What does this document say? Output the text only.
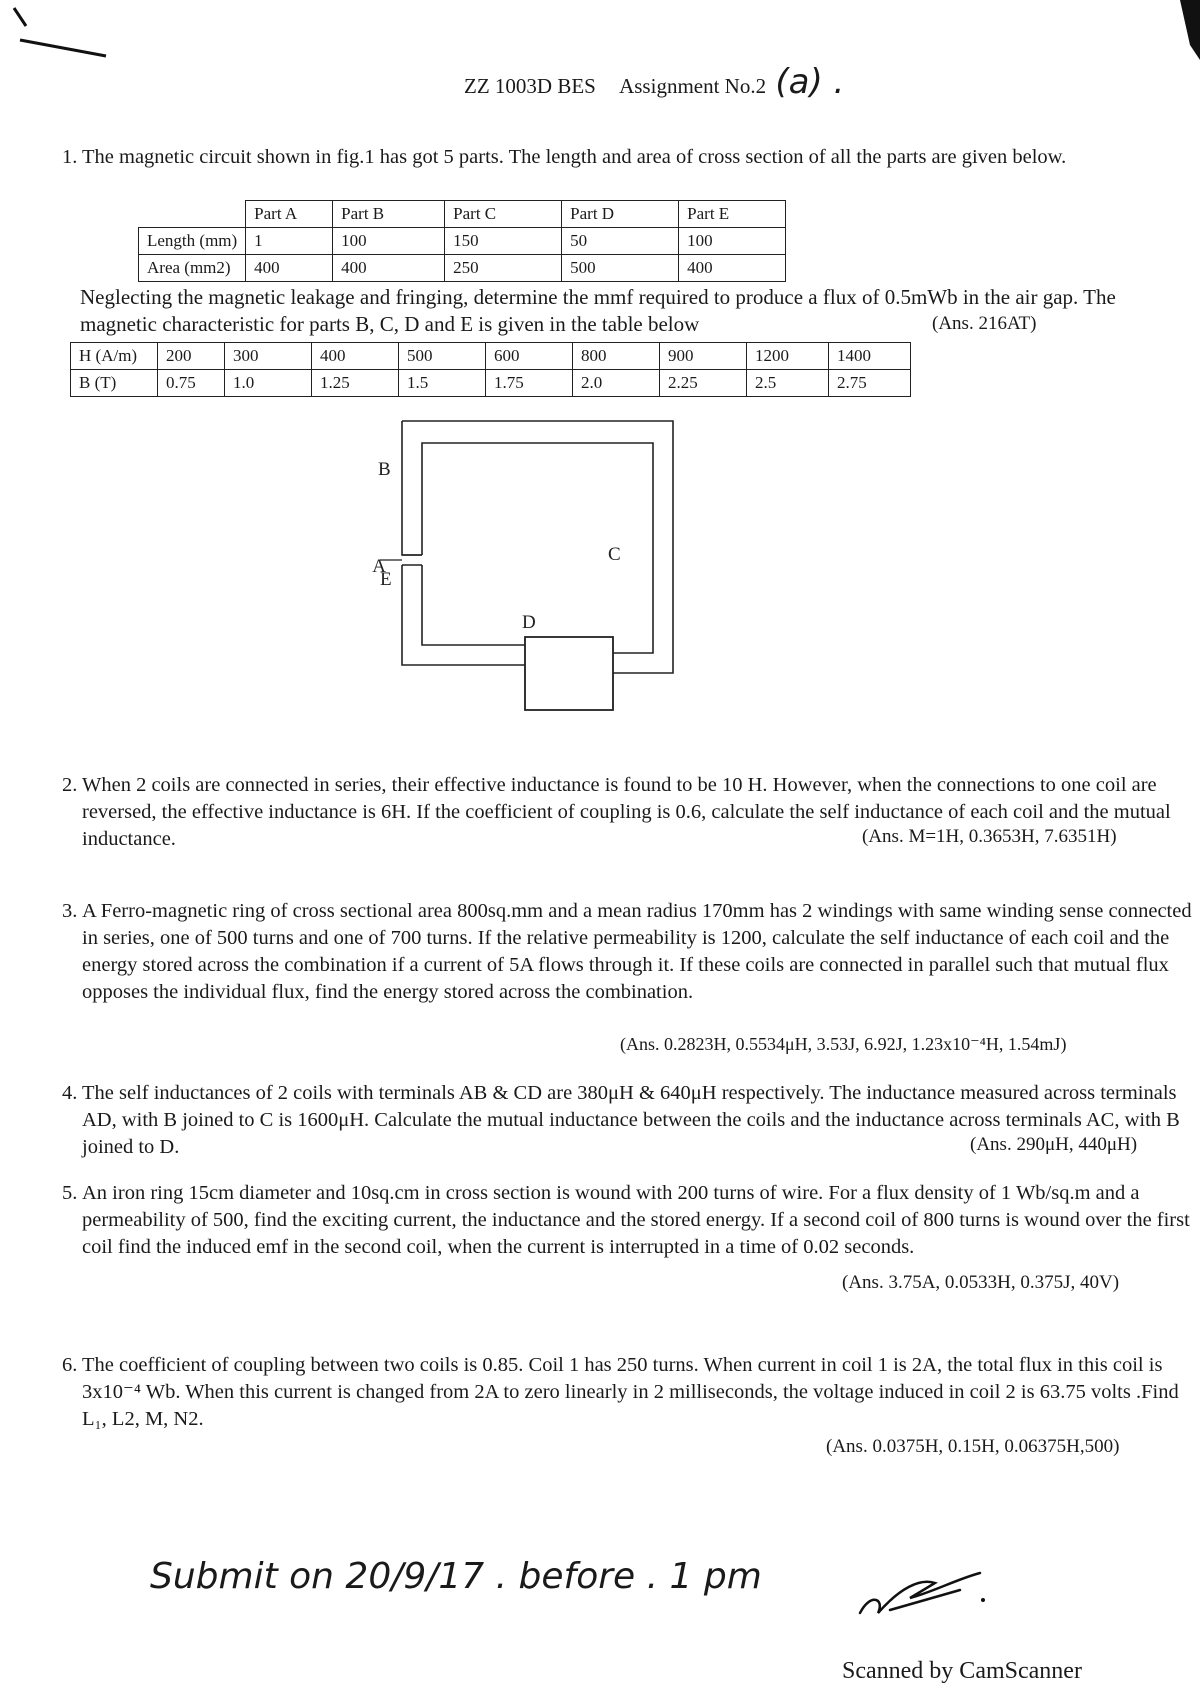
ZZ 1003D BES Assignment No.2 (a) .
1. The magnetic circuit shown in fig.1 has got 5 parts. The length and area of cross section of all the parts are given below.
	Part A	Part B	Part C	Part D	Part E
Length (mm)	1	100	150	50	100
Area (mm2)	400	400	250	500	400
Neglecting the magnetic leakage and fringing, determine the mmf required to produce a flux of 0.5mWb in the air gap. The magnetic characteristic for parts B, C, D and E is given in the table below	(Ans. 216AT)
H (A/m)	200	300	400	500	600	800	900	1200	1400
B (T)	0.75	1.0	1.25	1.5	1.75	2.0	2.25	2.5	2.75
A
B
C
D
E
2. When 2 coils are connected in series, their effective inductance is found to be 10 H. However, when the connections to one coil are reversed, the effective inductance is 6H. If the coefficient of coupling is 0.6, calculate the self inductance of each coil and the mutual inductance.	(Ans. M=1H, 0.3653H, 7.6351H)
3. A Ferro-magnetic ring of cross sectional area 800sq.mm and a mean radius 170mm has 2 windings with same winding sense connected in series, one of 500 turns and one of 700 turns. If the relative permeability is 1200, calculate the self inductance of each coil and the energy stored across the combination if a current of 5A flows through it. If these coils are connected in parallel such that mutual flux opposes the individual flux, find the energy stored across the combination.
(Ans. 0.2823H, 0.5534μH, 3.53J, 6.92J, 1.23x10⁻⁴H, 1.54mJ)
4. The self inductances of 2 coils with terminals AB & CD are 380μH & 640μH respectively. The inductance measured across terminals AD, with B joined to C is 1600μH. Calculate the mutual inductance between the coils and the inductance across terminals AC, with B joined to D.	(Ans. 290μH, 440μH)
5. An iron ring 15cm diameter and 10sq.cm in cross section is wound with 200 turns of wire. For a flux density of 1 Wb/sq.m and a permeability of 500, find the exciting current, the inductance and the stored energy. If a second coil of 800 turns is wound over the first coil find the induced emf in the second coil, when the current is interrupted in a time of 0.02 seconds.
(Ans. 3.75A, 0.0533H, 0.375J, 40V)
6. The coefficient of coupling between two coils is 0.85. Coil 1 has 250 turns. When current in coil 1 is 2A, the total flux in this coil is 3x10⁻⁴ Wb. When this current is changed from 2A to zero linearly in 2 milliseconds, the voltage induced in coil 2 is 63.75 volts .Find L₁, L2, M, N2.
(Ans. 0.0375H, 0.15H, 0.06375H,500)
Submit on 20/9/17 . before . 1 pm
Scanned by CamScanner
